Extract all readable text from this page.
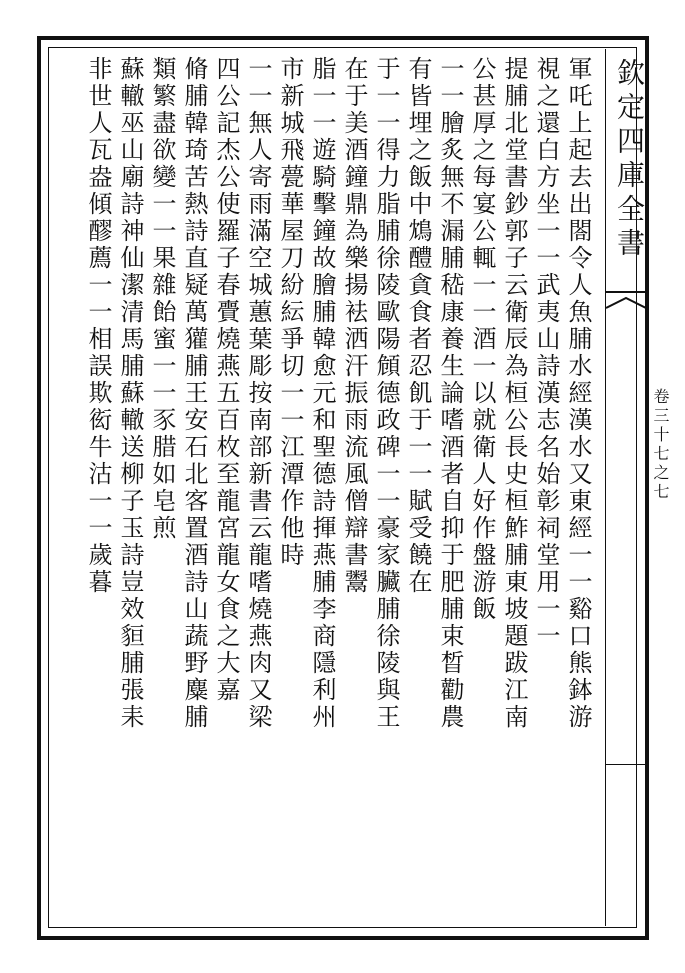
欽定四庫全書
卷三十七之七
軍吒上起去出閤令人魚脯水經漢水又東經一一谿口熊鉢游
視之還白方坐一一武夷山詩漢志名始彰祠堂用一一
提脯北堂書鈔郭子云衛辰為桓公長史桓鮓脯東坡題跋江南
公甚厚之每宴公輒一一酒一以就衛人好作盤游飯
一一膾炙無不漏脯嵇康養生論嗜酒者自抑于肥脯束晳勸農
有皆埋之飯中鴆醴貪食者忍飢于一一賦受饒在
于一一得力脂脯徐陵歐陽頠德政碑一一豪家臟脯徐陵與王
在于美酒鐘鼎為樂揚袪洒汗振雨流風僧辯書鬻
脂一一遊騎擊鐘故膾脯韓愈元和聖德詩揮燕脯李商隱利州
市新城飛甍華屋刀紛紜爭切一一江潭作他時
一一無人寄雨滿空城蕙葉彫按南部新書云龍嗜燒燕肉又梁
四公記杰公使羅子春賷燒燕五百枚至龍宮龍女食之大嘉
脩脯韓琦苦熱詩直疑萬獾脯王安石北客置酒詩山蔬野麋脯
類繁盡欲變一一果雜飴蜜一一豕腊如皂煎
蘇轍巫山廟詩神仙潔清馬脯蘇轍送柳子玉詩豈效貆脯張耒
非世人瓦盎傾醪薦一一相誤欺衒牛沽一一歲暮
